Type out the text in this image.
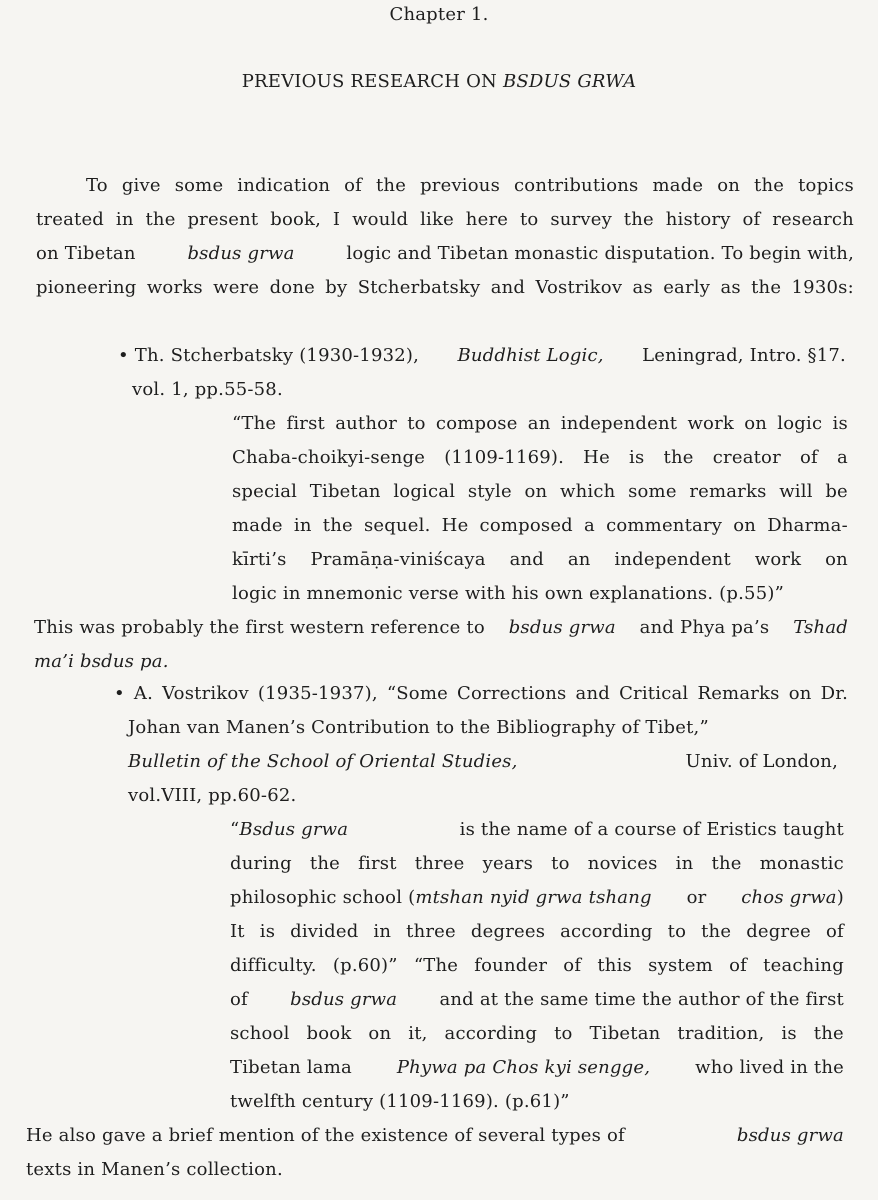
Chapter 1.

PREVIOUS RESEARCH ON BSDUS GRWA

To give some indication of the previous contributions made on the topics

treated in the present book, I would like here to survey the history of research

on Tibetan	bsdus grwa	logic and Tibetan monastic disputation. To begin with,

pioneering works were done by Stcherbatsky and Vostrikov as early as the 1930s:

• Th. Stcherbatsky (1930-1932), Buddhist Logic, Leningrad, Intro. §17.

vol. 1, pp.55-58.

“The first author to compose an independent work on logic is

Chaba-choikyi-senge (1109-1169). He is the creator of a

special Tibetan logical style on which some remarks will be

made in the sequel. He composed a commentary on Dharma-

kīrti’s Pramāṇa-viniścaya and an independent work on

logic in mnemonic verse with his own explanations. (p.55)”

This was probably the first western reference to bsdus grwa and Phya pa’s Tshad

ma’i bsdus pa.

• A. Vostrikov (1935-1937), “Some Corrections and Critical Remarks on Dr.

Johan van Manen’s Contribution to the Bibliography of Tibet,”

Bulletin of the School of Oriental Studies,	Univ. of London,

vol.VIII, pp.60-62.

“Bsdus grwa	is the name of a course of Eristics taught

during the first three years to novices in the monastic

philosophic school (mtshan nyid grwa tshang or chos grwa)

It is divided in three degrees according to the degree of

difficulty. (p.60)” “The founder of this system of teaching

of bsdus grwa and at the same time the author of the first

school book on it, according to Tibetan tradition, is the

Tibetan lama Phywa pa Chos kyi sengge, who lived in the

twelfth century (1109-1169). (p.61)”

He also gave a brief mention of the existence of several types of	bsdus grwa

texts in Manen’s collection.
